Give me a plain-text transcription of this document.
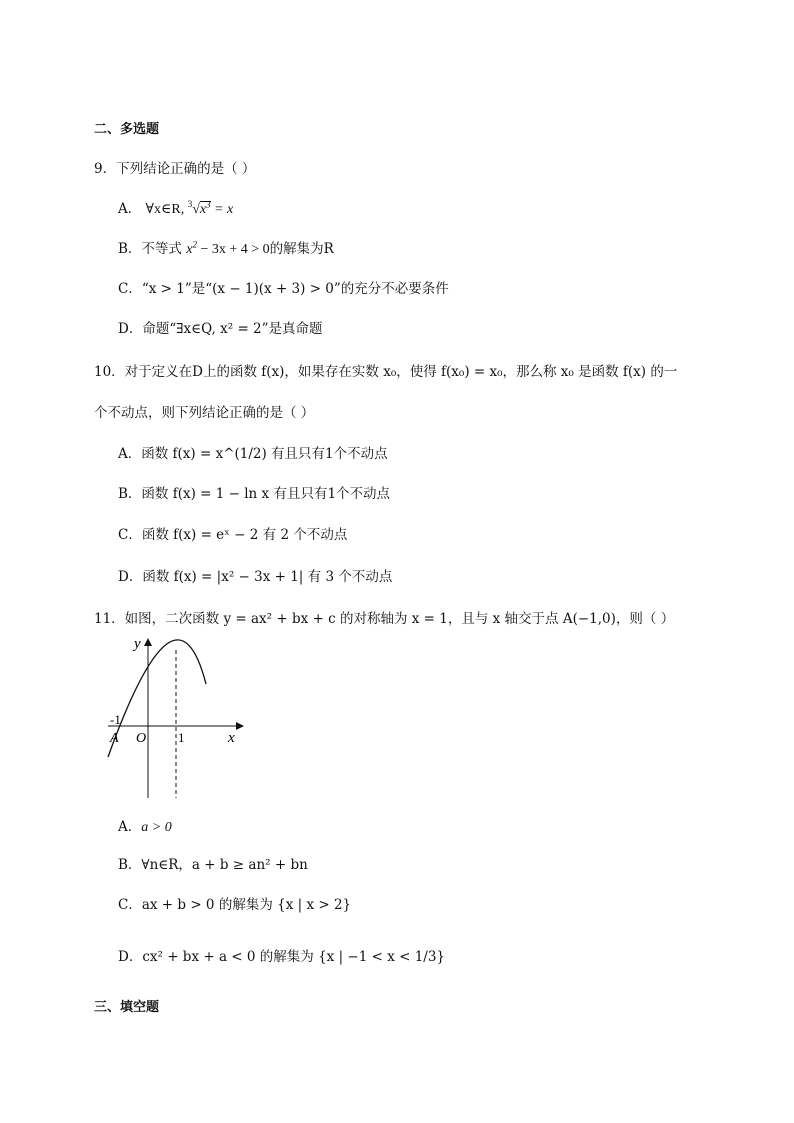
二、多选题
9．下列结论正确的是（ ）
A． ∀x∈R, $^3√x^3 = x$
B．不等式 $x^2 - 3x + 4 > 0$的解集为R
C．“x > 1”是“(x − 1)(x + 3) > 0”的充分不必要条件
D．命题“∃x∈Q, x² = 2”是真命题
10．对于定义在D上的函数 f(x)，如果存在实数 x₀，使得 f(x₀) = x₀，那么称 x₀ 是函数 f(x) 的一
个不动点，则下列结论正确的是（ ）
A．函数 f(x) = x^(1/2) 有且只有1个不动点
B．函数 f(x) = 1 − ln x 有且只有1个不动点
C．函数 f(x) = eˣ − 2 有 2 个不动点
D．函数 f(x) = |x² − 3x + 1| 有 3 个不动点
11．如图，二次函数 y = ax² + bx + c 的对称轴为 x = 1，且与 x 轴交于点 A(−1,0)，则（ ）
y
x
O
A
-1
1
A．a > 0
B．∀n∈R，a + b ≥ an² + bn
C．ax + b > 0 的解集为 {x | x > 2}
D．cx² + bx + a < 0 的解集为 {x | −1 < x < 1/3}
三、填空题
